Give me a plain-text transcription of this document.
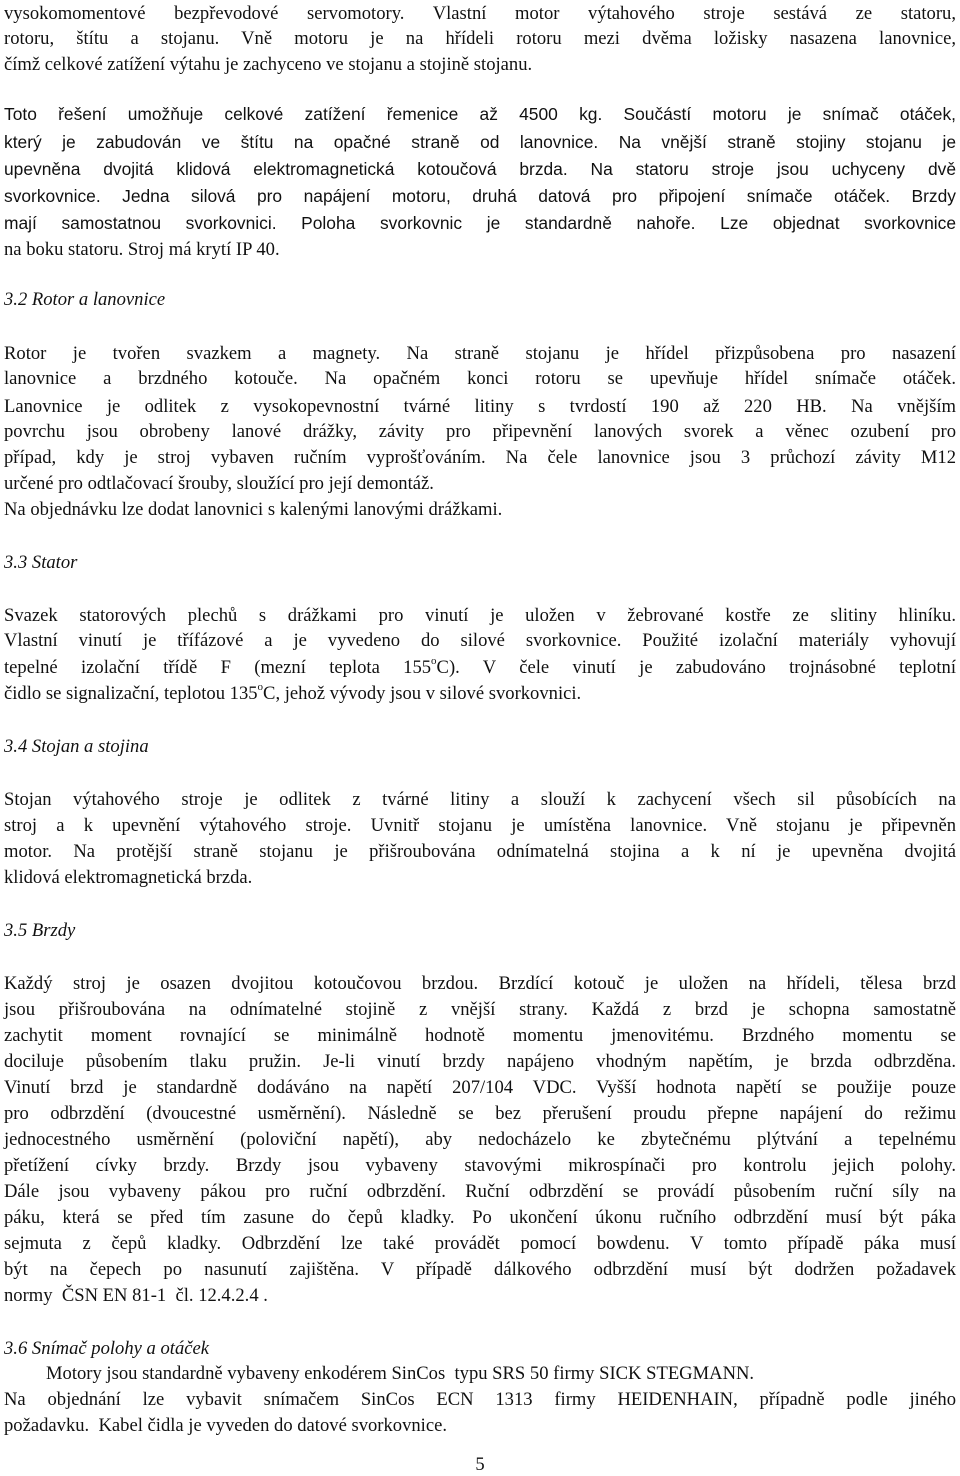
vysokomomentové bezpřevodové servomotory. Vlastní motor výtahového stroje sestává ze statoru,
rotoru, štítu a stojanu. Vně motoru je na hřídeli rotoru mezi dvěma ložisky nasazena lanovnice,
čímž celkové zatížení výtahu je zachyceno ve stojanu a stojině stojanu.
Toto řešení umožňuje celkové zatížení řemenice až 4500 kg. Součástí motoru je snímač otáček,
který je zabudován ve štítu na opačné straně od lanovnice. Na vnější straně stojiny stojanu je
upevněna dvojitá klidová elektromagnetická kotoučová brzda. Na statoru stroje jsou uchyceny dvě
svorkovnice. Jedna silová pro napájení motoru, druhá datová pro připojení snímače otáček. Brzdy
mají samostatnou svorkovnici. Poloha svorkovnic je standardně nahoře. Lze objednat svorkovnice
na boku statoru. Stroj má krytí IP 40.
3.2 Rotor a lanovnice
Rotor je tvořen svazkem a magnety. Na straně stojanu je hřídel přizpůsobena pro nasazení
lanovnice a brzdného kotouče. Na opačném konci rotoru se upevňuje hřídel snímače otáček.
Lanovnice je odlitek z vysokopevnostní tvárné litiny s tvrdostí 190 až 220 HB. Na vnějším
povrchu jsou obrobeny lanové drážky, závity pro připevnění lanových svorek a věnec ozubení pro
případ, kdy je stroj vybaven ručním vyprošťováním. Na čele lanovnice jsou 3 průchozí závity M12
určené pro odtlačovací šrouby, sloužící pro její demontáž.
Na objednávku lze dodat lanovnici s kalenými lanovými drážkami.
3.3 Stator
Svazek statorových plechů s drážkami pro vinutí je uložen v žebrované kostře ze slitiny hliníku.
Vlastní vinutí je třífázové a je vyvedeno do silové svorkovnice. Použité izolační materiály vyhovují
tepelné izolační třídě F (mezní teplota 155$^o$C). V čele vinutí je zabudováno trojnásobné teplotní
čidlo se signalizační, teplotou 135$^o$C, jehož vývody jsou v silové svorkovnici.
3.4 Stojan a stojina
Stojan výtahového stroje je odlitek z tvárné litiny a slouží k zachycení všech sil působících na
stroj a k upevnění výtahového stroje. Uvnitř stojanu je umístěna lanovnice. Vně stojanu je připevněn
motor. Na protější straně stojanu je přišroubována odnímatelná stojina a k ní je upevněna dvojitá
klidová elektromagnetická brzda.
3.5 Brzdy
Každý stroj je osazen dvojitou kotoučovou brzdou. Brzdící kotouč je uložen na hřídeli, tělesa brzd
jsou přišroubována na odnímatelné stojině z vnější strany. Každá z brzd je schopna samostatně
zachytit moment rovnající se minimálně hodnotě momentu jmenovitému. Brzdného momentu se
dociluje působením tlaku pružin. Je-li vinutí brzdy napájeno vhodným napětím, je brzda odbrzděna.
Vinutí brzd je standardně dodáváno na napětí 207/104 VDC. Vyšší hodnota napětí se použije pouze
pro odbrzdění (dvoucestné usměrnění). Následně se bez přerušení proudu přepne napájení do režimu
jednocestného usměrnění (poloviční napětí), aby nedocházelo ke zbytečnému plýtvání a tepelnému
přetížení cívky brzdy. Brzdy jsou vybaveny stavovými mikrospínači pro kontrolu jejich polohy.
Dále jsou vybaveny pákou pro ruční odbrzdění. Ruční odbrzdění se provádí působením ruční síly na
páku, která se před tím zasune do čepů kladky. Po ukončení úkonu ručního odbrzdění musí být páka
sejmuta z čepů kladky. Odbrzdění lze také provádět pomocí bowdenu. V tomto případě páka musí
být na čepech po nasunutí zajištěna. V případě dálkového odbrzdění musí být dodržen požadavek
normy  ČSN EN 81-1  čl. 12.4.2.4 .
3.6 Snímač polohy a otáček
Motory jsou standardně vybaveny enkodérem SinCos  typu SRS 50 firmy SICK STEGMANN.
Na objednání lze vybavit snímačem SinCos ECN 1313 firmy HEIDENHAIN, případně podle jiného
požadavku.  Kabel čidla je vyveden do datové svorkovnice.
5
